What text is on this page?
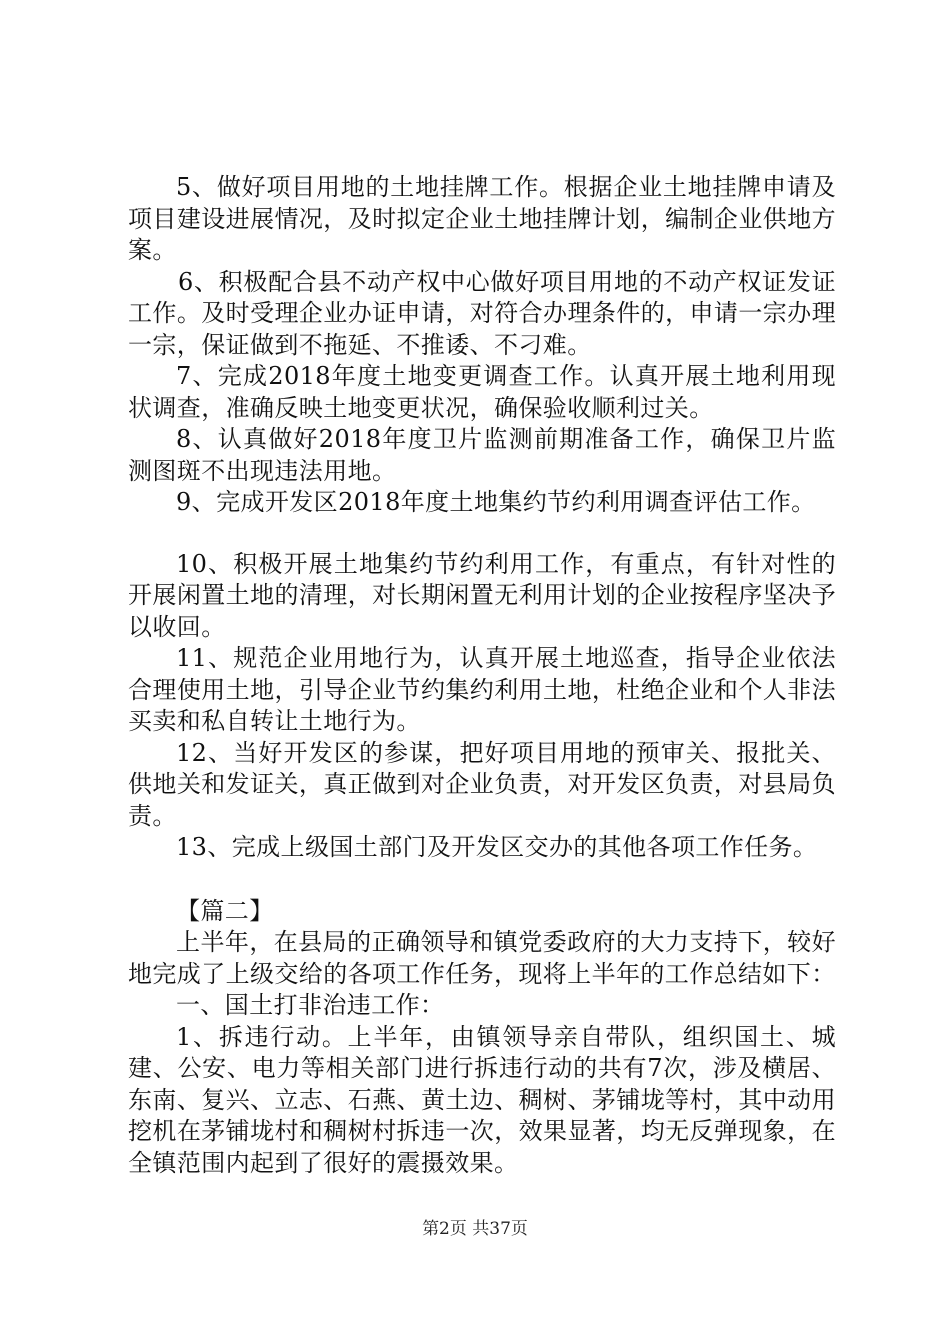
5、做好项目用地的土地挂牌工作。根据企业土地挂牌申请及项目建设进展情况，及时拟定企业土地挂牌计划，编制企业供地方案。

6、积极配合县不动产权中心做好项目用地的不动产权证发证工作。及时受理企业办证申请，对符合办理条件的，申请一宗办理一宗，保证做到不拖延、不推诿、不刁难。

7、完成2018年度土地变更调查工作。认真开展土地利用现状调查，准确反映土地变更状况，确保验收顺利过关。

8、认真做好2018年度卫片监测前期准备工作，确保卫片监测图斑不出现违法用地。

9、完成开发区2018年度土地集约节约利用调查评估工作。

10、积极开展土地集约节约利用工作，有重点，有针对性的开展闲置土地的清理，对长期闲置无利用计划的企业按程序坚决予以收回。

11、规范企业用地行为，认真开展土地巡查，指导企业依法合理使用土地，引导企业节约集约利用土地，杜绝企业和个人非法买卖和私自转让土地行为。

12、当好开发区的参谋，把好项目用地的预审关、报批关、供地关和发证关，真正做到对企业负责，对开发区负责，对县局负责。

13、完成上级国土部门及开发区交办的其他各项工作任务。

【篇二】

上半年，在县局的正确领导和镇党委政府的大力支持下，较好地完成了上级交给的各项工作任务，现将上半年的工作总结如下：

一、国土打非治违工作：

1、拆违行动。上半年，由镇领导亲自带队，组织国土、城建、公安、电力等相关部门进行拆违行动的共有7次，涉及横居、东南、复兴、立志、石燕、黄土边、稠树、茅铺垅等村，其中动用挖机在茅铺垅村和稠树村拆违一次，效果显著，均无反弹现象，在全镇范围内起到了很好的震摄效果。

第2页 共37页
